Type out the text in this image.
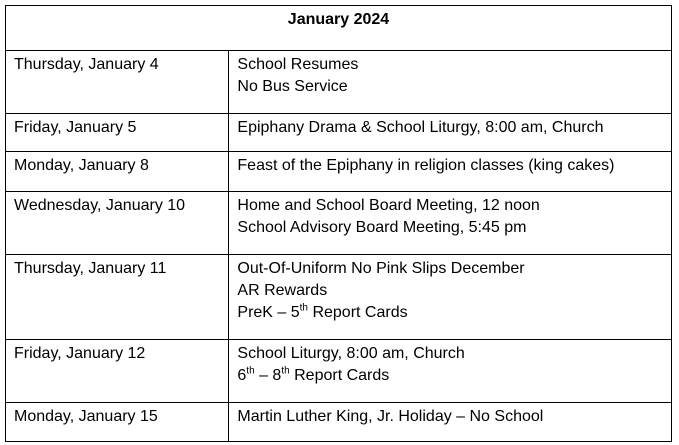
January 2024	
Thursday, January 4	School Resumes
No Bus Service

Friday, January 5	Epiphany Drama & School Liturgy, 8:00 am, Church

Monday, January 8	Feast of the Epiphany in religion classes (king cakes)

Wednesday, January 10	Home and School Board Meeting, 12 noon
School Advisory Board Meeting, 5:45 pm

Thursday, January 11	Out-Of-Uniform No Pink Slips December
AR Rewards
PreK – 5th Report Cards

Friday, January 12	School Liturgy, 8:00 am, Church
6th – 8th Report Cards

Monday, January 15	Martin Luther King, Jr. Holiday – No School
